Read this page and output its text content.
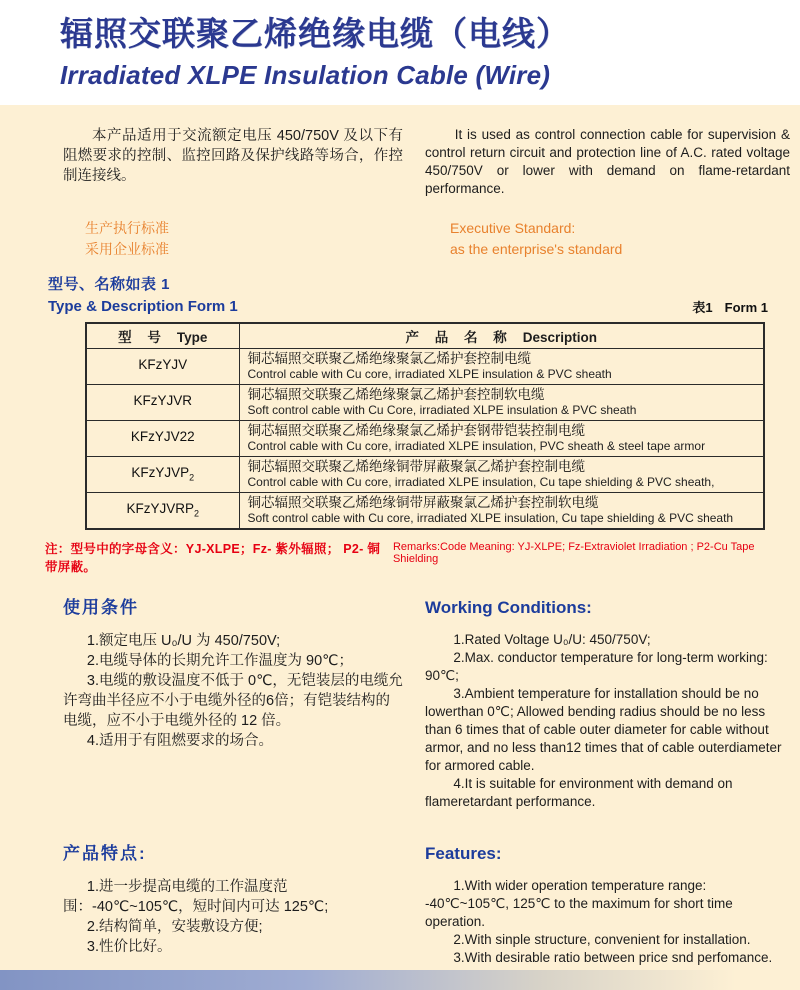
辐照交联聚乙烯绝缘电缆（电线）
Irradiated XLPE Insulation Cable (Wire)

本产品适用于交流额定电压 450/750V 及以下有阻燃要求的控制、监控回路及保护线路等场合，作控制连接线。

It is used as control connection cable for supervision & control return circuit and protection line of A.C. rated voltage 450/750V or lower with demand on flame-retardant performance.

生产执行标准

采用企业标准

Executive Standard:

as the enterprise's standard

型号、名称如表 1

Type & Description Form 1	表1 Form 1
型 号 Type	产 品 名 称 Description
KFzYJV	铜芯辐照交联聚乙烯绝缘聚氯乙烯护套控制电缆
Control cable with Cu core, irradiated XLPE insulation & PVC sheath

KFzYJVR	铜芯辐照交联聚乙烯绝缘聚氯乙烯护套控制软电缆
Soft control cable with Cu Core, irradiated XLPE insulation & PVC sheath

KFzYJV22	铜芯辐照交联聚乙烯绝缘聚氯乙烯护套钢带铠装控制电缆
Control cable with Cu core, irradiated XLPE insulation, PVC sheath & steel tape armor

KFzYJVP$_2$	铜芯辐照交联聚乙烯绝缘铜带屏蔽聚氯乙烯护套控制电缆
Control cable with Cu core, irradiated XLPE insulation, Cu tape shielding & PVC sheath,

KFzYJVRP$_2$	铜芯辐照交联聚乙烯绝缘铜带屏蔽聚氯乙烯护套控制软电缆
Soft control cable with Cu core, irradiated XLPE insulation, Cu tape shielding & PVC sheath
注：型号中的字母含义：YJ-XLPE；Fz- 紫外辐照； P2- 铜带屏蔽。
Remarks:Code Meaning: YJ-XLPE; Fz-Extraviolet Irradiation ; P2-Cu Tape Shielding
使用条件

1.额定电压 U₀/U 为 450/750V;

2.电缆导体的长期允许工作温度为 90℃；

3.电缆的敷设温度不低于 0℃，无铠装层的电缆允许弯曲半径应不小于电缆外径的6倍；有铠装结构的电缆，应不小于电缆外径的 12 倍。

4.适用于有阻燃要求的场合。

Working Conditions:

1.Rated Voltage U₀/U: 450/750V;

2.Max. conductor temperature for long-term working: 90℃;

3.Ambient temperature for installation should be no lowerthan 0℃; Allowed bending radius should be no less than 6 times that of cable outer diameter for cable without armor, and no less than12 times that of cable outerdiameter for armored cable.

4.It is suitable for environment with demand on flameretardant performance.

产品特点:

1.进一步提高电缆的工作温度范围：-40℃~105℃，短时间内可达 125℃;

2.结构简单，安装敷设方便;

3.性价比好。

Features:

1.With wider operation temperature range: -40℃~105℃, 125℃ to the maximum for short time operation.

2.With sinple structure, convenient for installation.

3.With desirable ratio between price snd perfomance.
